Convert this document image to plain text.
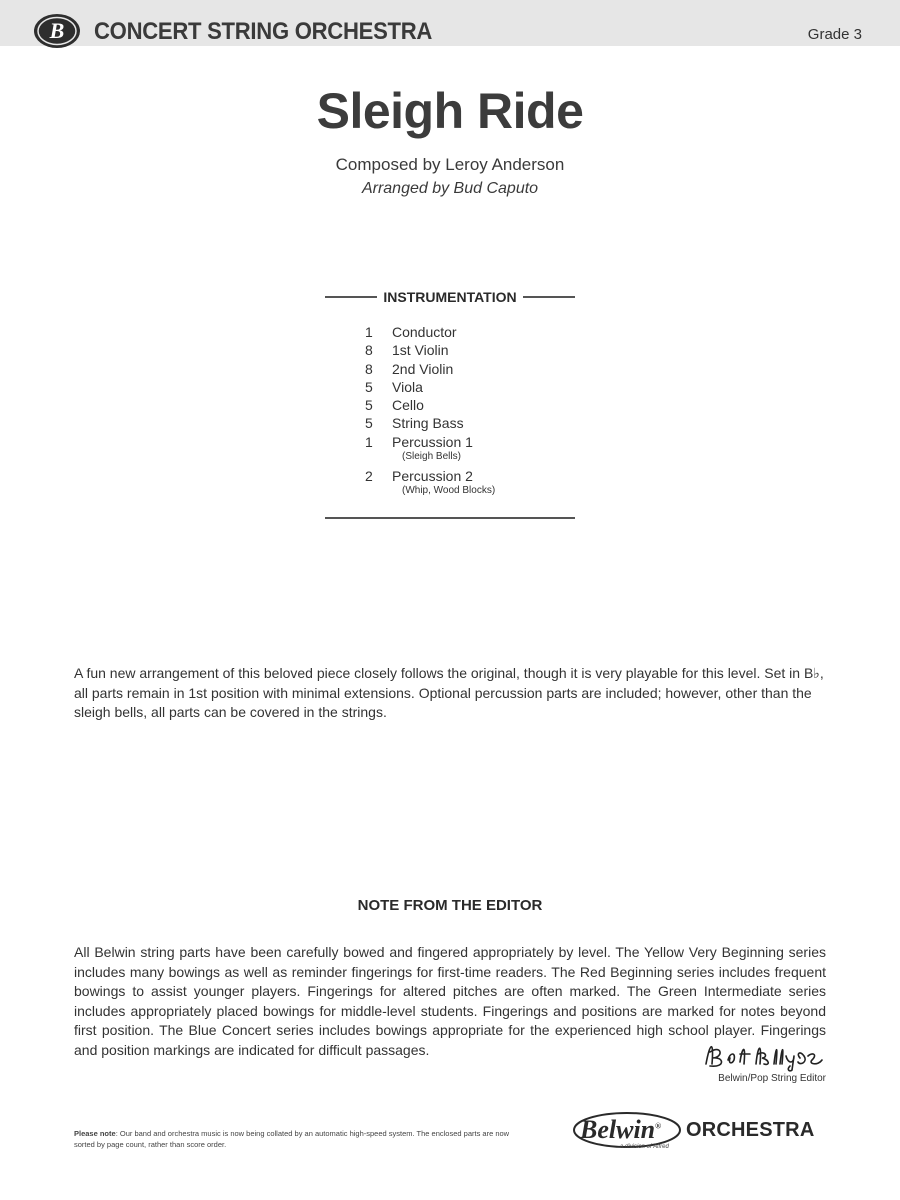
B CONCERT STRING ORCHESTRA	Grade 3
Sleigh Ride
Composed by Leroy Anderson
Arranged by Bud Caputo
INSTRUMENTATION
1	Conductor
8	1st Violin
8	2nd Violin
5	Viola
5	Cello
5	String Bass
1	Percussion 1
(Sleigh Bells)
2	Percussion 2
(Whip, Wood Blocks)

A fun new arrangement of this beloved piece closely follows the original, though it is very playable for this level. Set in B♭, all parts remain in 1st position with minimal extensions. Optional percussion parts are included; however, other than the sleigh bells, all parts can be covered in the strings.

NOTE FROM THE EDITOR

All Belwin string parts have been carefully bowed and fingered appropriately by level. The Yellow Very Beginning series includes many bowings as well as reminder fingerings for first-time readers. The Red Beginning series includes frequent bowings to assist younger players. Fingerings for altered pitches are often marked. The Green Intermediate series includes appropriately placed bowings for middle-level students. Fingerings and positions are marked for notes beyond first position. The Blue Concert series includes bowings appropriate for the experienced high school player. Fingerings and position markings are indicated for difficult passages.

Belwin/Pop String Editor
Please note: Our band and orchestra music is now being collated by an automatic high-speed system. The enclosed parts are now sorted by page count, rather than score order.
Belwin® ORCHESTRA
a division of Alfred
